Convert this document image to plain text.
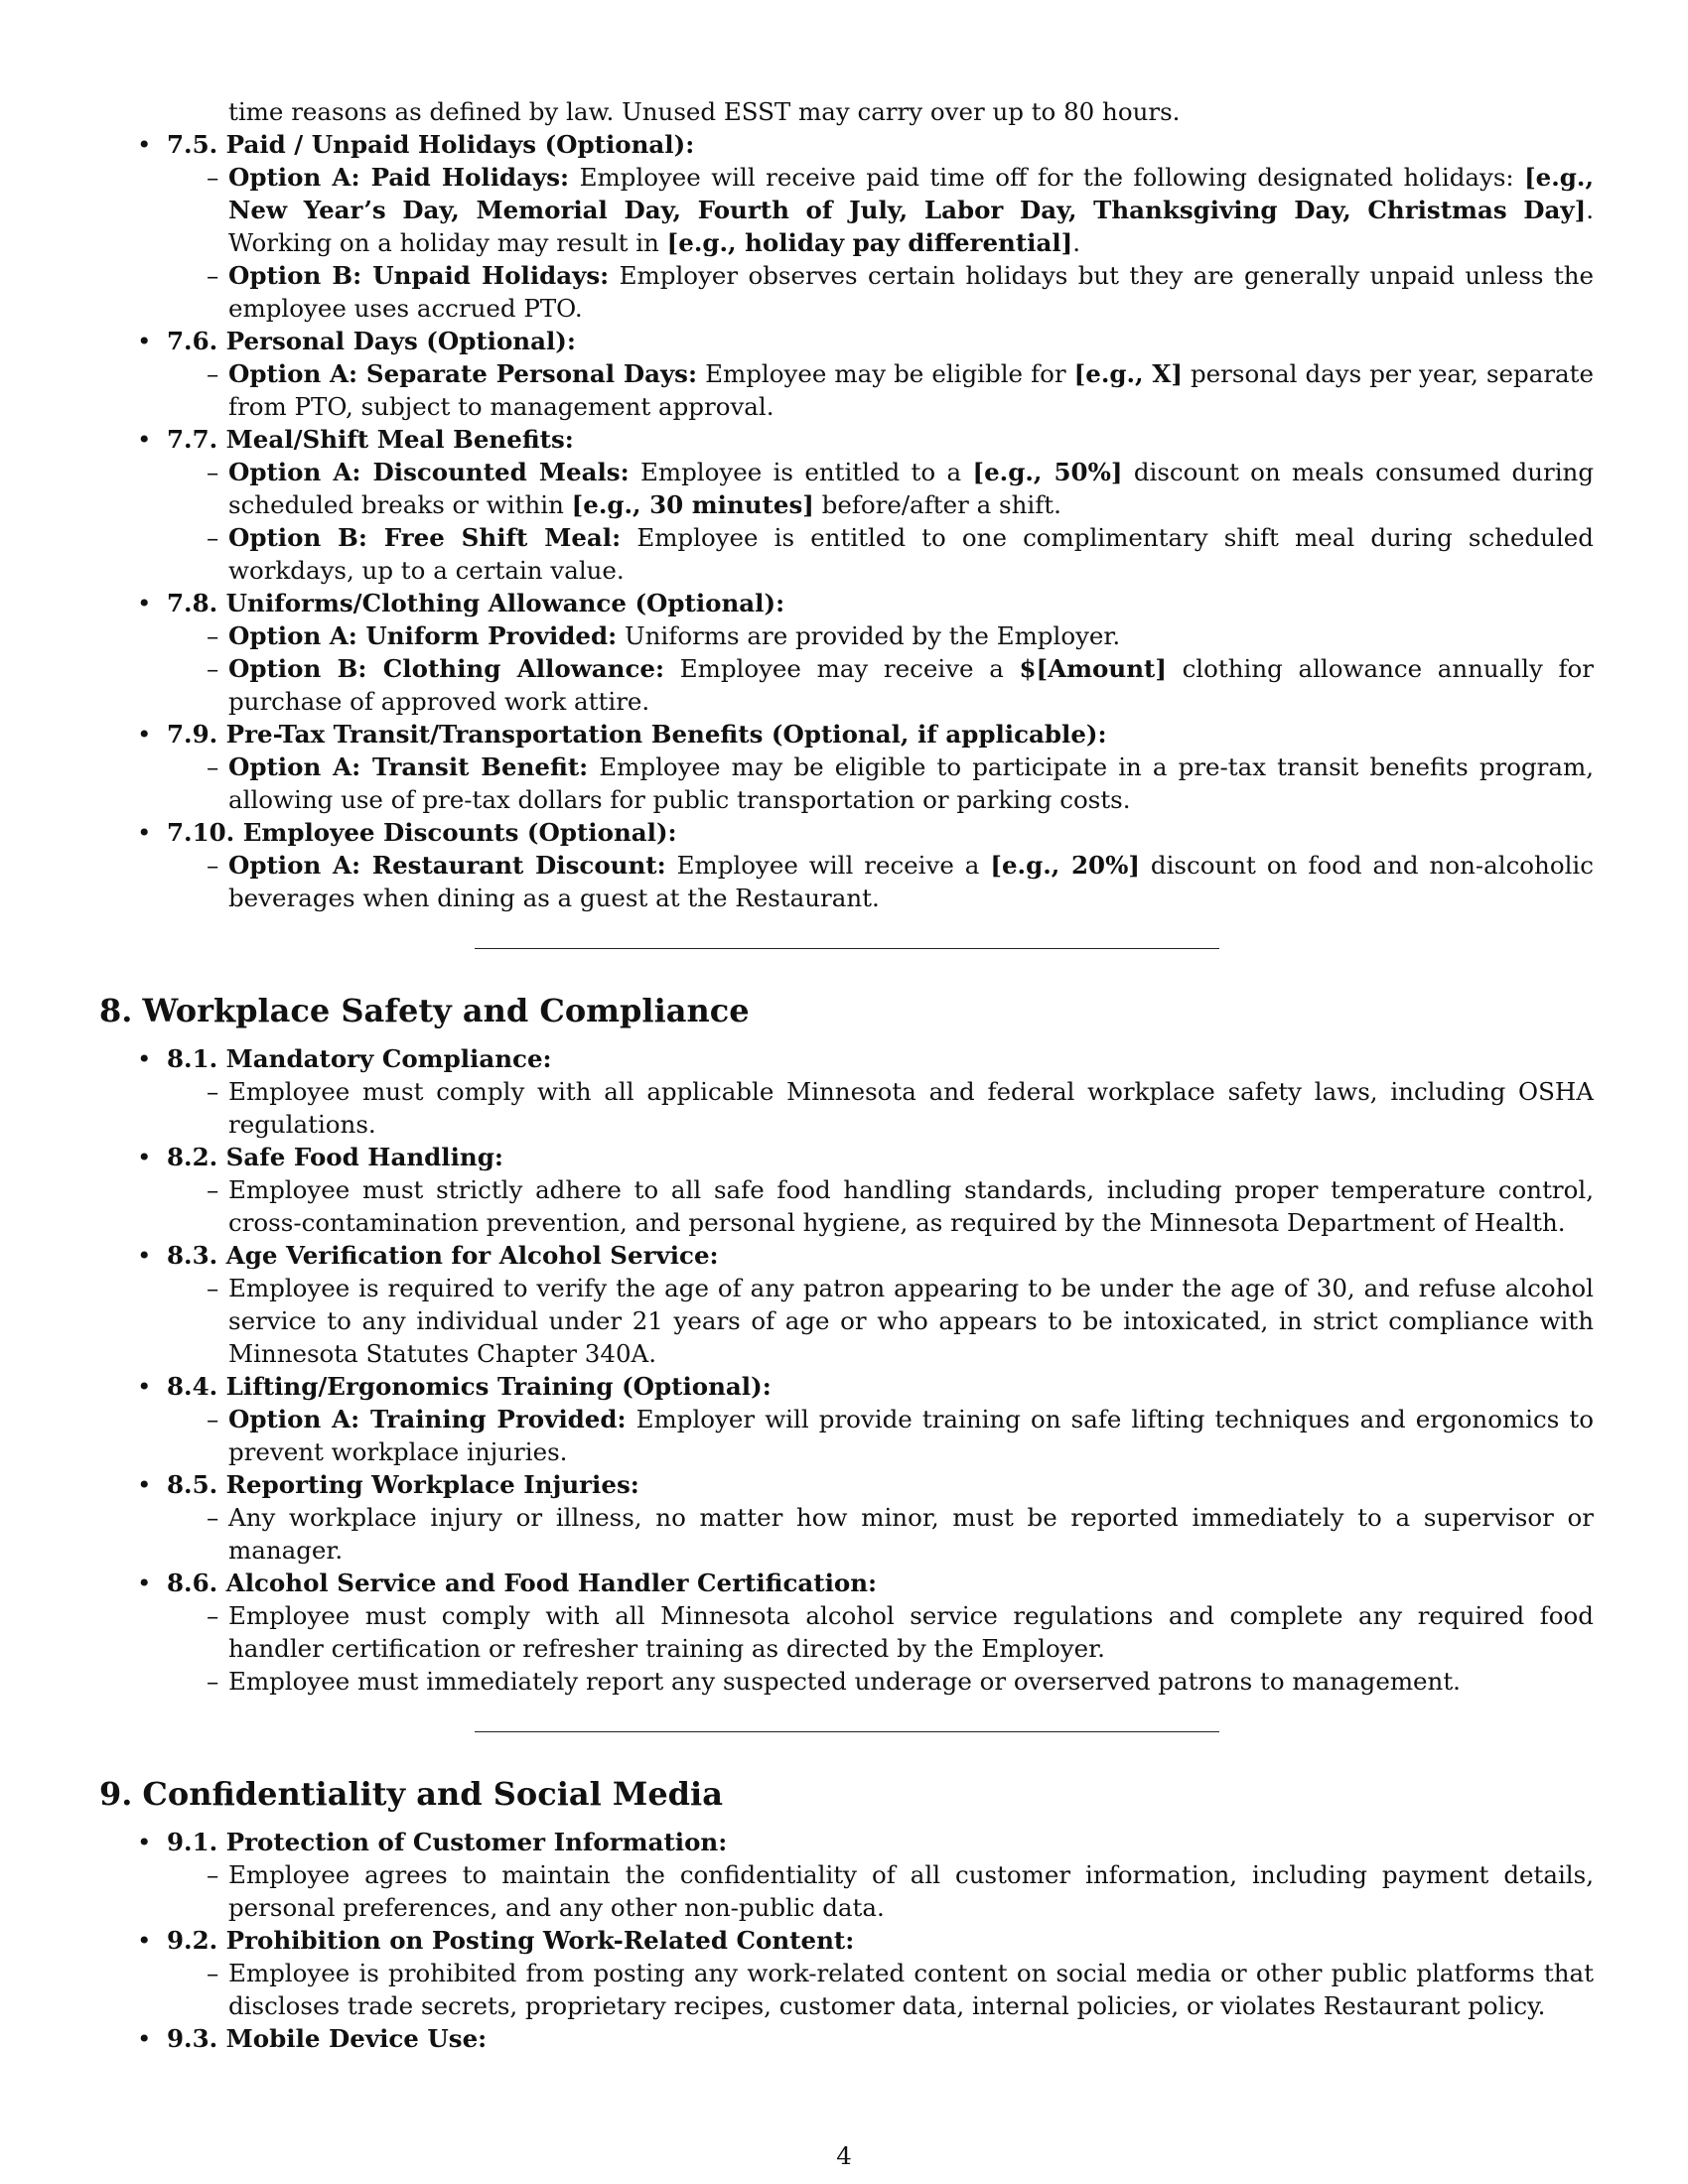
time reasons as defined by law. Unused ESST may carry over up to 80 hours.
• 7.5. Paid / Unpaid Holidays (Optional):
– Option A: Paid Holidays: Employee will receive paid time off for the following designated holidays: [e.g., New Year’s Day, Memorial Day, Fourth of July, Labor Day, Thanksgiving Day, Christmas Day]. Working on a holiday may result in [e.g., holiday pay differential].
– Option B: Unpaid Holidays: Employer observes certain holidays but they are generally unpaid unless the employee uses accrued PTO.
• 7.6. Personal Days (Optional):
– Option A: Separate Personal Days: Employee may be eligible for [e.g., X] personal days per year, separate from PTO, subject to management approval.
• 7.7. Meal/Shift Meal Benefits:
– Option A: Discounted Meals: Employee is entitled to a [e.g., 50%] discount on meals consumed during scheduled breaks or within [e.g., 30 minutes] before/after a shift.
– Option B: Free Shift Meal: Employee is entitled to one complimentary shift meal during scheduled workdays, up to a certain value.
• 7.8. Uniforms/Clothing Allowance (Optional):
– Option A: Uniform Provided: Uniforms are provided by the Employer.
– Option B: Clothing Allowance: Employee may receive a $[Amount] clothing allowance annually for purchase of approved work attire.
• 7.9. Pre-Tax Transit/Transportation Benefits (Optional, if applicable):
– Option A: Transit Benefit: Employee may be eligible to participate in a pre-tax transit benefits program, allowing use of pre-tax dollars for public transportation or parking costs.
• 7.10. Employee Discounts (Optional):
– Option A: Restaurant Discount: Employee will receive a [e.g., 20%] discount on food and non-alcoholic beverages when dining as a guest at the Restaurant.
8. Workplace Safety and Compliance
• 8.1. Mandatory Compliance:
– Employee must comply with all applicable Minnesota and federal workplace safety laws, including OSHA regulations.
• 8.2. Safe Food Handling:
– Employee must strictly adhere to all safe food handling standards, including proper temperature control, cross-contamination prevention, and personal hygiene, as required by the Minnesota Department of Health.
• 8.3. Age Verification for Alcohol Service:
– Employee is required to verify the age of any patron appearing to be under the age of 30, and refuse alcohol service to any individual under 21 years of age or who appears to be intoxicated, in strict compliance with Minnesota Statutes Chapter 340A.
• 8.4. Lifting/Ergonomics Training (Optional):
– Option A: Training Provided: Employer will provide training on safe lifting techniques and ergonomics to prevent workplace injuries.
• 8.5. Reporting Workplace Injuries:
– Any workplace injury or illness, no matter how minor, must be reported immediately to a supervisor or manager.
• 8.6. Alcohol Service and Food Handler Certification:
– Employee must comply with all Minnesota alcohol service regulations and complete any required food handler certification or refresher training as directed by the Employer.
– Employee must immediately report any suspected underage or overserved patrons to management.
9. Confidentiality and Social Media
• 9.1. Protection of Customer Information:
– Employee agrees to maintain the confidentiality of all customer information, including payment details, personal preferences, and any other non-public data.
• 9.2. Prohibition on Posting Work-Related Content:
– Employee is prohibited from posting any work-related content on social media or other public platforms that discloses trade secrets, proprietary recipes, customer data, internal policies, or violates Restaurant policy.
• 9.3. Mobile Device Use:
4
